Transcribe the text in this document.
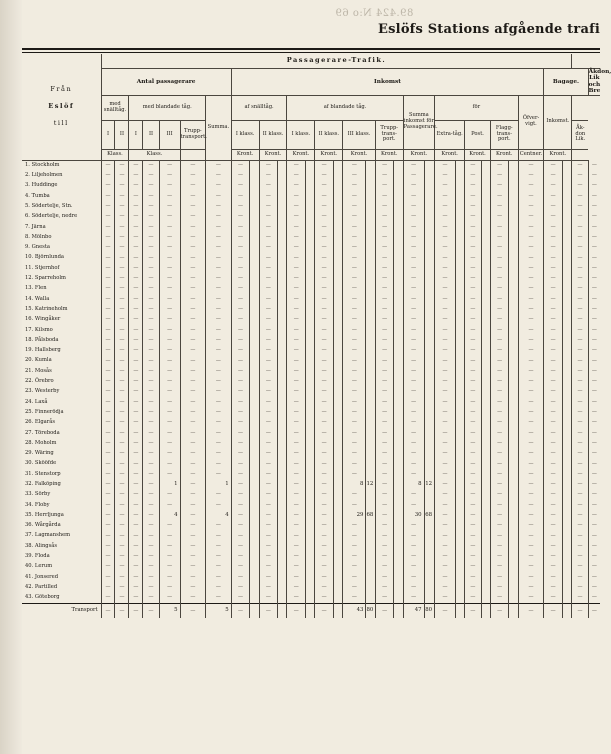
89.424 N:o 69
Eslöfs Stations afgående trafi
Från
Eslöf
till	Passagerare-Trafik.																															
	Antal passagerare							Inkomst																					Bagage.			Åkdon, Lik och Bre
	med snälltåg.		med blandade tåg.				Summa.	af snälltåg.				af blandade tåg.								Summa inkomst för Passagerare.		för						Öfver-vigt.	Inkomst.			
	I	II	I	II	III	Trupp-transport.		I klass.		II klass.		I klass.		II klass.		III klass.		Trupp-trans-port.				Extra-tåg.		Post.		Flagg-trans-port.					Åk-don Lik.	
	Klass.		Klass.					Kront.		Kront.		Kront.		Kront.		Kront.		Kront.		Kront.		Kront.		Kront.		Kront.		Centner.	Kront.			
1. Stockholm	—	—	—	—	—	—	—	—		—		—		—		—		—		—		—		—		—		—	—		—	—
2. Liljeholmen	—	—	—	—	—	—	—	—		—		—		—		—		—		—		—		—		—		—	—		—	—
3. Huddinge	—	—	—	—	—	—	—	—		—		—		—		—		—		—		—		—		—		—	—		—	—
4. Tumba	—	—	—	—	—	—	—	—		—		—		—		—		—		—		—		—		—		—	—		—	—
5. Södertelje, Stn.	—	—	—	—	—	—	—	—		—		—		—		—		—		—		—		—		—		—	—		—	—
6. Södertelje, nedre	—	—	—	—	—	—	—	—		—		—		—		—		—		—		—		—		—		—	—		—	—
7. Järna	—	—	—	—	—	—	—	—		—		—		—		—		—		—		—		—		—		—	—		—	—
8. Mölnbo	—	—	—	—	—	—	—	—		—		—		—		—		—		—		—		—		—		—	—		—	—
9. Gnesta	—	—	—	—	—	—	—	—		—		—		—		—		—		—		—		—		—		—	—		—	—
10. Björnlunda	—	—	—	—	—	—	—	—		—		—		—		—		—		—		—		—		—		—	—		—	—
11. Stjernhof	—	—	—	—	—	—	—	—		—		—		—		—		—		—		—		—		—		—	—		—	—
12. Sparreholm	—	—	—	—	—	—	—	—		—		—		—		—		—		—		—		—		—		—	—		—	—
13. Flen	—	—	—	—	—	—	—	—		—		—		—		—		—		—		—		—		—		—	—		—	—
14. Walla	—	—	—	—	—	—	—	—		—		—		—		—		—		—		—		—		—		—	—		—	—
15. Katrineholm	—	—	—	—	—	—	—	—		—		—		—		—		—		—		—		—		—		—	—		—	—
16. Wingåker	—	—	—	—	—	—	—	—		—		—		—		—		—		—		—		—		—		—	—		—	—
17. Kilsmo	—	—	—	—	—	—	—	—		—		—		—		—		—		—		—		—		—		—	—		—	—
18. Pålsboda	—	—	—	—	—	—	—	—		—		—		—		—		—		—		—		—		—		—	—		—	—
19. Hallsberg	—	—	—	—	—	—	—	—		—		—		—		—		—		—		—		—		—		—	—		—	—
20. Kumla	—	—	—	—	—	—	—	—		—		—		—		—		—		—		—		—		—		—	—		—	—
21. Mosås	—	—	—	—	—	—	—	—		—		—		—		—		—		—		—		—		—		—	—		—	—
22. Örebro	—	—	—	—	—	—	—	—		—		—		—		—		—		—		—		—		—		—	—		—	—
23. Westerby	—	—	—	—	—	—	—	—		—		—		—		—		—		—		—		—		—		—	—		—	—
24. Laxå	—	—	—	—	—	—	—	—		—		—		—		—		—		—		—		—		—		—	—		—	—
25. Finnerödja	—	—	—	—	—	—	—	—		—		—		—		—		—		—		—		—		—		—	—		—	—
26. Elgarås	—	—	—	—	—	—	—	—		—		—		—		—		—		—		—		—		—		—	—		—	—
27. Törebodа	—	—	—	—	—	—	—	—		—		—		—		—		—		—		—		—		—		—	—		—	—
28. Moholm	—	—	—	—	—	—	—	—		—		—		—		—		—		—		—		—		—		—	—		—	—
29. Wäring	—	—	—	—	—	—	—	—		—		—		—		—		—		—		—		—		—		—	—		—	—
30. Skööfde	—	—	—	—	—	—	—	—		—		—		—		—		—		—		—		—		—		—	—		—	—
31. Stenstorp	—	—	—	—	—	—	—	—		—		—		—		—		—		—		—		—		—		—	—		—	—
32. Falköping	—	—	—	—	1	—	1	—		—		—		—		8	12	—		8	12	—		—		—		—	—		—	—
33. Sörby	—	—	—	—	—	—	—	—		—		—		—		—		—		—		—		—		—		—	—		—	—
34. Floby	—	—	—	—	—	—	—	—		—		—		—		—		—		—		—		—		—		—	—		—	—
35. Herrljunga	—	—	—	—	4	—	4	—		—		—		—		29	68	—		30	68	—		—		—		—	—		—	—
36. Wårgårda	—	—	—	—	—	—	—	—		—		—		—		—		—		—		—		—		—		—	—		—	—
37. Lagmanshem	—	—	—	—	—	—	—	—		—		—		—		—		—		—		—		—		—		—	—		—	—
38. Alingsås	—	—	—	—	—	—	—	—		—		—		—		—		—		—		—		—		—		—	—		—	—
39. Floda	—	—	—	—	—	—	—	—		—		—		—		—		—		—		—		—		—		—	—		—	—
40. Lerum	—	—	—	—	—	—	—	—		—		—		—		—		—		—		—		—		—		—	—		—	—
41. Jonsered	—	—	—	—	—	—	—	—		—		—		—		—		—		—		—		—		—		—	—		—	—
42. Partilled	—	—	—	—	—	—	—	—		—		—		—		—		—		—		—		—		—		—	—		—	—
43. Göteborg	—	—	—	—	—	—	—	—		—		—		—		—		—		—		—		—		—		—	—		—	—
Transport	—	—	—	—	5	—	5	—		—		—		—		43	80	—		47	80	—		—		—		—	—		—	—
